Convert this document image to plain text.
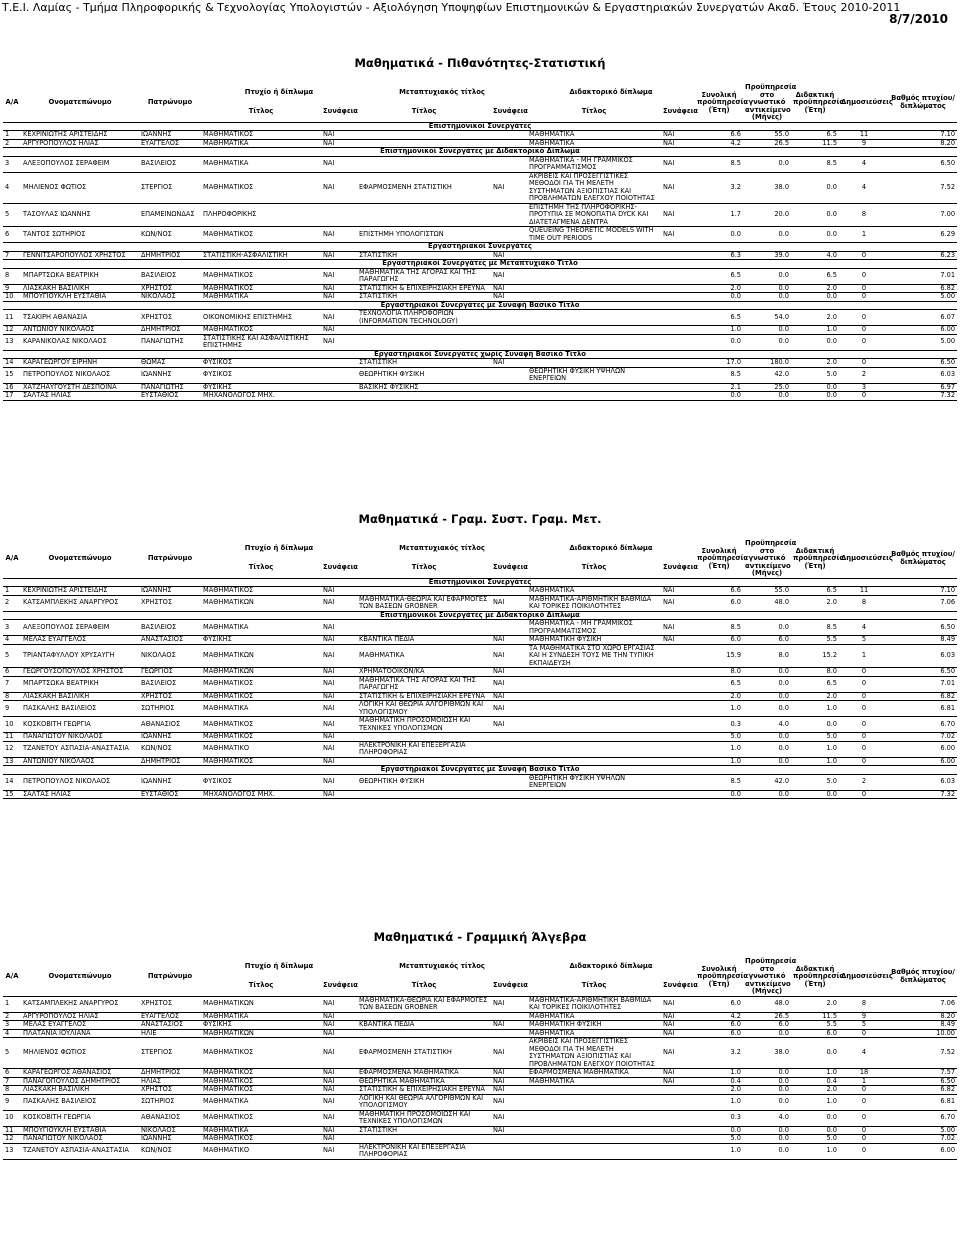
Τ.Ε.Ι. Λαμίας - Τμήμα Πληροφορικής & Τεχνολογίας Υπολογιστών - Αξιολόγηση Υποψηφίων Επιστημονικών & Εργαστηριακών Συνεργατών Ακαδ. Έτους 2010-2011
8/7/2010
Μαθηματικά - Πιθανότητες-Στατιστική
Α/Α	Ονοματεπώνυμο	Πατρώνυμο	Πτυχίο ή δίπλωμα		Μεταπτυχιακός τίτλος		Διδακτορικό δίπλωμα		Συνολική προϋπηρεσία (Έτη)	Προϋπηρεσία στο γνωστικό αντικείμενο (Μήνες)	Διδακτική προϋπηρεσία (Έτη)	Δημοσιεύσεις	Βαθμός πτυχίου/ διπλώματος
			Τίτλος	Συνάφεια	Τίτλος	Συνάφεια	Τίτλος	Συνάφεια					
Επιστημονικοί Συνεργάτες													
1	ΚΕΧΡΙΝΙΩΤΗΣ ΑΡΙΣΤΕΙΔΗΣ	ΙΩΑΝΝΗΣ	ΜΑΘΗΜΑΤΙΚΟΣ	ΝΑΙ			ΜΑΘΗΜΑΤΙΚΑ	ΝΑΙ	6.6	55.0	6.5	11	7.10
2	ΑΡΓΥΡΟΠΟΥΛΟΣ ΗΛΙΑΣ	ΕΥΑΓΓΕΛΟΣ	ΜΑΘΗΜΑΤΙΚΑ	ΝΑΙ			ΜΑΘΗΜΑΤΙΚΑ	ΝΑΙ	4.2	26.5	11.5	9	8.20
Επιστημονικοί Συνεργάτες με Διδακτορικό Δίπλωμα													
3	ΑΛΕΞΟΠΟΥΛΟΣ ΣΕΡΑΦΕΙΜ	ΒΑΣΙΛΕΙΟΣ	ΜΑΘΗΜΑΤΙΚΑ	ΝΑΙ			ΜΑΘΗΜΑΤΙΚΑ - ΜΗ ΓΡΑΜΜΙΚΟΣ ΠΡΟΓΡΑΜΜΑΤΙΣΜΟΣ	ΝΑΙ	8.5	0.0	8.5	4	6.50
4	ΜΗΛΙΕΝΟΣ ΦΩΤΙΟΣ	ΣΤΕΡΓΙΟΣ	ΜΑΘΗΜΑΤΙΚΟΣ	ΝΑΙ	ΕΦΑΡΜΟΣΜΕΝΗ ΣΤΑΤΙΣΤΙΚΗ	ΝΑΙ	ΑΚΡΙΒΕΙΣ ΚΑΙ ΠΡΟΣΕΓΓΙΣΤΙΚΕΣ ΜΕΘΟΔΟΙ ΓΙΑ ΤΗ ΜΕΛΕΤΗ ΣΥΣΤΗΜΑΤΩΝ ΑΞΙΟΠΙΣΤΙΑΣ ΚΑΙ ΠΡΟΒΛΗΜΑΤΩΝ ΕΛΕΓΧΟΥ ΠΟΙΟΤΗΤΑΣ	ΝΑΙ	3.2	38.0	0.0	4	7.52
5	ΤΑΣΟΥΛΑΣ ΙΩΑΝΝΗΣ	ΕΠΑΜΕΙΝΩΝΔΑΣ	ΠΛΗΡΟΦΟΡΙΚΗΣ				ΕΠΙΣΤΗΜΗ ΤΗΣ ΠΛΗΡΟΦΟΡΙΚΗΣ-ΠΡΟΤΥΠΙΑ ΣΕ ΜΟΝΟΠΑΤΙΑ DYCK ΚΑΙ ΔΙΑΤΕΤΑΓΜΕΝΑ ΔΕΝΤΡΑ	ΝΑΙ	1.7	20.0	0.0	8	7.00
6	ΤΑΝΤΟΣ ΣΩΤΗΡΙΟΣ	ΚΩΝ/ΝΟΣ	ΜΑΘΗΜΑΤΙΚΟΣ	ΝΑΙ	ΕΠΙΣΤΗΜΗ ΥΠΟΛΟΓΙΣΤΩΝ		QUEUEING THEORETIC MODELS WITH TIME OUT PERIODS	ΝΑΙ	0.0	0.0	0.0	1	6.29
Εργαστηριακοί Συνεργάτες													
7	ΓΕΝΝΙΤΣΑΡΟΠΟΥΛΟΣ ΧΡΗΣΤΟΣ	ΔΗΜΗΤΡΙΟΣ	ΣΤΑΤΙΣΤΙΚΗ-ΑΣΦΑΛΙΣΤΙΚΗ	ΝΑΙ	ΣΤΑΤΙΣΤΙΚΗ	ΝΑΙ			6.3	39.0	4.0	0	6.23
Εργαστηριακοί Συνεργάτες με Μεταπτυχιακό Τίτλο													
8	ΜΠΑΡΤΣΩΚΑ ΒΕΑΤΡΙΚΗ	ΒΑΣΙΛΕΙΟΣ	ΜΑΘΗΜΑΤΙΚΟΣ	ΝΑΙ	ΜΑΘΗΜΑΤΙΚΑ ΤΗΣ ΑΓΟΡΑΣ ΚΑΙ ΤΗΣ ΠΑΡΑΓΩΓΗΣ	ΝΑΙ			6.5	0.0	6.5	0	7.01
9	ΛΙΑΣΚΑΚΗ ΒΑΣΙΛΙΚΗ	ΧΡΗΣΤΟΣ	ΜΑΘΗΜΑΤΙΚΟΣ	ΝΑΙ	ΣΤΑΤΙΣΤΙΚΗ & ΕΠΙΧΕΙΡΗΣΙΑΚΗ ΕΡΕΥΝΑ	ΝΑΙ			2.0	0.0	2.0	0	6.82
10	ΜΠΟΥΓΙΟΥΚΛΗ ΕΥΣΤΑΘΙΑ	ΝΙΚΟΛΑΟΣ	ΜΑΘΗΜΑΤΙΚΑ	ΝΑΙ	ΣΤΑΤΙΣΤΙΚΗ	ΝΑΙ			0.0	0.0	0.0	0	5.00
Εργαστηριακοί Συνεργάτες με Συναφή Βασικό Τίτλο													
11	ΤΣΑΚΙΡΗ ΑΘΑΝΑΣΙΑ	ΧΡΗΣΤΟΣ	ΟΙΚΟΝΟΜΙΚΗΣ ΕΠΙΣΤΗΜΗΣ	ΝΑΙ	ΤΕΧΝΟΛΟΓΙΑ ΠΛΗΡΟΦΟΡΙΩΝ (INFORMATION TECHNOLOGY)				6.5	54.0	2.0	0	6.07
12	ΑΝΤΩΝΙΟΥ ΝΙΚΟΛΑΟΣ	ΔΗΜΗΤΡΙΟΣ	ΜΑΘΗΜΑΤΙΚΟΣ	ΝΑΙ					1.0	0.0	1.0	0	6.00
13	ΚΑΡΑΝΙΚΟΛΑΣ ΝΙΚΟΛΑΟΣ	ΠΑΝΑΓΙΩΤΗΣ	ΣΤΑΤΙΣΤΙΚΗΣ ΚΑΙ ΑΣΦΑΛΙΣΤΙΚΗΣ ΕΠΙΣΤΗΜΗΣ	ΝΑΙ					0.0	0.0	0.0	0	5.00
Εργαστηριακοί Συνεργάτες χωρίς Συναφή Βασικό Τίτλο													
14	ΚΑΡΑΓΕΩΡΓΟΥ ΕΙΡΗΝΗ	ΘΩΜΑΣ	ΦΥΣΙΚΟΣ		ΣΤΑΤΙΣΤΙΚΗ	ΝΑΙ			17.0	180.0	2.0	0	6.50
15	ΠΕΤΡΟΠΟΥΛΟΣ ΝΙΚΟΛΑΟΣ	ΙΩΑΝΝΗΣ	ΦΥΣΙΚΟΣ		ΘΕΩΡΗΤΙΚΗ ΦΥΣΙΚΗ		ΘΕΩΡΗΤΙΚΗ ΦΥΣΙΚΗ ΥΨΗΛΩΝ ΕΝΕΡΓΕΙΩΝ		8.5	42.0	5.0	2	6.03
16	ΧΑΤΖΗΑΥΓΟΥΣΤΗ ΔΕΣΠΟΙΝΑ	ΠΑΝΑΓΙΩΤΗΣ	ΦΥΣΙΚΗΣ		ΒΑΣΙΚΗΣ ΦΥΣΙΚΗΣ				2.1	25.0	0.0	3	6.97
17	ΣΑΛΤΑΣ ΗΛΙΑΣ	ΕΥΣΤΑΘΙΟΣ	ΜΗΧΑΝΟΛΟΓΟΣ ΜΗΧ.						0.0	0.0	0.0	0	7.32
Μαθηματικά - Γραμ. Συστ. Γραμ. Μετ.
Α/Α	Ονοματεπώνυμο	Πατρώνυμο	Πτυχίο ή δίπλωμα		Μεταπτυχιακός τίτλος		Διδακτορικό δίπλωμα		Συνολική προϋπηρεσία (Έτη)	Προϋπηρεσία στο γνωστικό αντικείμενο (Μήνες)	Διδακτική προϋπηρεσία (Έτη)	Δημοσιεύσεις	Βαθμός πτυχίου/ διπλώματος
			Τίτλος	Συνάφεια	Τίτλος	Συνάφεια	Τίτλος	Συνάφεια					
Επιστημονικοί Συνεργάτες													
1	ΚΕΧΡΙΝΙΩΤΗΣ ΑΡΙΣΤΕΙΔΗΣ	ΙΩΑΝΝΗΣ	ΜΑΘΗΜΑΤΙΚΟΣ	ΝΑΙ			ΜΑΘΗΜΑΤΙΚΑ	ΝΑΙ	6.6	55.0	6.5	11	7.10
2	ΚΑΤΣΑΜΠΛΕΚΗΣ ΑΝΑΡΓΥΡΟΣ	ΧΡΗΣΤΟΣ	ΜΑΘΗΜΑΤΙΚΩΝ	ΝΑΙ	ΜΑΘΗΜΑΤΙΚΑ-ΘΕΩΡΙΑ ΚΑΙ ΕΦΑΡΜΟΓΕΣ ΤΩΝ ΒΑΣΕΩΝ GROBNER	ΝΑΙ	ΜΑΘΗΜΑΤΙΚΑ-ΑΡΙΘΜΗΤΙΚΗ ΒΑΘΜΙΔΑ ΚΑΙ ΤΟΡΙΚΕΣ ΠΟΙΚΙΛΟΤΗΤΕΣ	ΝΑΙ	6.0	48.0	2.0	8	7.06
Επιστημονικοί Συνεργάτες με Διδακτορικό Δίπλωμα													
3	ΑΛΕΞΟΠΟΥΛΟΣ ΣΕΡΑΦΕΙΜ	ΒΑΣΙΛΕΙΟΣ	ΜΑΘΗΜΑΤΙΚΑ	ΝΑΙ			ΜΑΘΗΜΑΤΙΚΑ - ΜΗ ΓΡΑΜΜΙΚΟΣ ΠΡΟΓΡΑΜΜΑΤΙΣΜΟΣ	ΝΑΙ	8.5	0.0	8.5	4	6.50
4	ΜΕΛΑΣ ΕΥΑΓΓΕΛΟΣ	ΑΝΑΣΤΑΣΙΟΣ	ΦΥΣΙΚΗΣ	ΝΑΙ	ΚΒΑΝΤΙΚΑ ΠΕΔΙΑ	ΝΑΙ	ΜΑΘΗΜΑΤΙΚΗ ΦΥΣΙΚΗ	ΝΑΙ	6.0	6.0	5.5	5	8.49
5	ΤΡΙΑΝΤΑΦΥΛΛΟΥ ΧΡΥΣΑΥΓΗ	ΝΙΚΟΛΑΟΣ	ΜΑΘΗΜΑΤΙΚΩΝ	ΝΑΙ	ΜΑΘΗΜΑΤΙΚΑ	ΝΑΙ	ΤΑ ΜΑΘΗΜΑΤΙΚΑ ΣΤΟ ΧΩΡΟ ΕΡΓΑΣΙΑΣ ΚΑΙ Η ΣΥΝΔΕΣΗ ΤΟΥΣ ΜΕ ΤΗΝ ΤΥΠΙΚΗ ΕΚΠΑΙΔΕΥΣΗ		15.9	8.0	15.2	1	6.03
6	ΓΕΩΡΓΟΥΣΟΠΟΥΛΟΣ ΧΡΗΣΤΟΣ	ΓΕΩΡΓΙΟΣ	ΜΑΘΗΜΑΤΙΚΩΝ	ΝΑΙ	ΧΡΗΜΑΤΟΟΙΚΟΝ/ΚΑ	ΝΑΙ			8.0	0.0	8.0	0	6.50
7	ΜΠΑΡΤΣΩΚΑ ΒΕΑΤΡΙΚΗ	ΒΑΣΙΛΕΙΟΣ	ΜΑΘΗΜΑΤΙΚΟΣ	ΝΑΙ	ΜΑΘΗΜΑΤΙΚΑ ΤΗΣ ΑΓΟΡΑΣ ΚΑΙ ΤΗΣ ΠΑΡΑΓΩΓΗΣ	ΝΑΙ			6.5	0.0	6.5	0	7.01
8	ΛΙΑΣΚΑΚΗ ΒΑΣΙΛΙΚΗ	ΧΡΗΣΤΟΣ	ΜΑΘΗΜΑΤΙΚΟΣ	ΝΑΙ	ΣΤΑΤΙΣΤΙΚΗ & ΕΠΙΧΕΙΡΗΣΙΑΚΗ ΕΡΕΥΝΑ	ΝΑΙ			2.0	0.0	2.0	0	6.82
9	ΠΑΣΚΑΛΗΣ ΒΑΣΙΛΕΙΟΣ	ΣΩΤΗΡΙΟΣ	ΜΑΘΗΜΑΤΙΚΑ	ΝΑΙ	ΛΟΓΙΚΗ ΚΑΙ ΘΕΩΡΙΑ ΑΛΓΟΡΙΘΜΩΝ ΚΑΙ ΥΠΟΛΟΓΙΣΜΟΥ	ΝΑΙ			1.0	0.0	1.0	0	6.81
10	ΚΟΣΚΟΒΙΤΗ ΓΕΩΡΓΙΑ	ΑΘΑΝΑΣΙΟΣ	ΜΑΘΗΜΑΤΙΚΟΣ	ΝΑΙ	ΜΑΘΗΜΑΤΙΚΗ ΠΡΟΣΟΜΟΙΩΣΗ ΚΑΙ ΤΕΧΝΙΚΕΣ ΥΠΟΛΟΓΙΣΜΩΝ	ΝΑΙ			0.3	4.0	0.0	0	6.70
11	ΠΑΝΑΓΙΩΤΟΥ ΝΙΚΟΛΑΟΣ	ΙΩΑΝΝΗΣ	ΜΑΘΗΜΑΤΙΚΟΣ	ΝΑΙ					5.0	0.0	5.0	0	7.02
12	ΤΖΑΝΕΤΟΥ ΑΣΠΑΣΙΑ-ΑΝΑΣΤΑΣΙΑ	ΚΩΝ/ΝΟΣ	ΜΑΘΗΜΑΤΙΚΟ	ΝΑΙ	ΗΛΕΚΤΡΟΝΙΚΗ ΚΑΙ ΕΠΕΞΕΡΓΑΣΙΑ ΠΛΗΡΟΦΟΡΙΑΣ				1.0	0.0	1.0	0	6.00
13	ΑΝΤΩΝΙΟΥ ΝΙΚΟΛΑΟΣ	ΔΗΜΗΤΡΙΟΣ	ΜΑΘΗΜΑΤΙΚΟΣ	ΝΑΙ					1.0	0.0	1.0	0	6.00
Εργαστηριακοί Συνεργάτες με Συναφή Βασικό Τίτλο													
14	ΠΕΤΡΟΠΟΥΛΟΣ ΝΙΚΟΛΑΟΣ	ΙΩΑΝΝΗΣ	ΦΥΣΙΚΟΣ	ΝΑΙ	ΘΕΩΡΗΤΙΚΗ ΦΥΣΙΚΗ		ΘΕΩΡΗΤΙΚΗ ΦΥΣΙΚΗ ΥΨΗΛΩΝ ΕΝΕΡΓΕΙΩΝ		8.5	42.0	5.0	2	6.03
15	ΣΑΛΤΑΣ ΗΛΙΑΣ	ΕΥΣΤΑΘΙΟΣ	ΜΗΧΑΝΟΛΟΓΟΣ ΜΗΧ.	ΝΑΙ					0.0	0.0	0.0	0	7.32
Μαθηματικά - Γραμμική Άλγεβρα
Α/Α	Ονοματεπώνυμο	Πατρώνυμο	Πτυχίο ή δίπλωμα		Μεταπτυχιακός τίτλος		Διδακτορικό δίπλωμα		Συνολική προϋπηρεσία (Έτη)	Προϋπηρεσία στο γνωστικό αντικείμενο (Μήνες)	Διδακτική προϋπηρεσία (Έτη)	Δημοσιεύσεις	Βαθμός πτυχίου/ διπλώματος
			Τίτλος	Συνάφεια	Τίτλος	Συνάφεια	Τίτλος	Συνάφεια					
1	ΚΑΤΣΑΜΠΛΕΚΗΣ ΑΝΑΡΓΥΡΟΣ	ΧΡΗΣΤΟΣ	ΜΑΘΗΜΑΤΙΚΩΝ	ΝΑΙ	ΜΑΘΗΜΑΤΙΚΑ-ΘΕΩΡΙΑ ΚΑΙ ΕΦΑΡΜΟΓΕΣ ΤΩΝ ΒΑΣΕΩΝ GROBNER	ΝΑΙ	ΜΑΘΗΜΑΤΙΚΑ-ΑΡΙΘΜΗΤΙΚΗ ΒΑΘΜΙΔΑ ΚΑΙ ΤΟΡΙΚΕΣ ΠΟΙΚΙΛΟΤΗΤΕΣ	ΝΑΙ	6.0	48.0	2.0	8	7.06
2	ΑΡΓΥΡΟΠΟΥΛΟΣ ΗΛΙΑΣ	ΕΥΑΓΓΕΛΟΣ	ΜΑΘΗΜΑΤΙΚΑ	ΝΑΙ			ΜΑΘΗΜΑΤΙΚΑ	ΝΑΙ	4.2	26.5	11.5	9	8.20
3	ΜΕΛΑΣ ΕΥΑΓΓΕΛΟΣ	ΑΝΑΣΤΑΣΙΟΣ	ΦΥΣΙΚΗΣ	ΝΑΙ	ΚΒΑΝΤΙΚΑ ΠΕΔΙΑ	ΝΑΙ	ΜΑΘΗΜΑΤΙΚΗ ΦΥΣΙΚΗ	ΝΑΙ	6.0	6.0	5.5	5	8.49
4	ΠΛΑΤΑΝΙΑ ΙΟΥΛΙΑΝΑ	ΗΛΙΕ	ΜΑΘΗΜΑΤΙΚΩΝ	ΝΑΙ			ΜΑΘΗΜΑΤΙΚΑ	ΝΑΙ	6.0	0.0	6.0	0	10.00
5	ΜΗΛΙΕΝΟΣ ΦΩΤΙΟΣ	ΣΤΕΡΓΙΟΣ	ΜΑΘΗΜΑΤΙΚΟΣ	ΝΑΙ	ΕΦΑΡΜΟΣΜΕΝΗ ΣΤΑΤΙΣΤΙΚΗ	ΝΑΙ	ΑΚΡΙΒΕΙΣ ΚΑΙ ΠΡΟΣΕΓΓΙΣΤΙΚΕΣ ΜΕΘΟΔΟΙ ΓΙΑ ΤΗ ΜΕΛΕΤΗ ΣΥΣΤΗΜΑΤΩΝ ΑΞΙΟΠΙΣΤΙΑΣ ΚΑΙ ΠΡΟΒΛΗΜΑΤΩΝ ΕΛΕΓΧΟΥ ΠΟΙΟΤΗΤΑΣ	ΝΑΙ	3.2	38.0	0.0	4	7.52
6	ΚΑΡΑΓΕΩΡΓΟΣ ΑΘΑΝΑΣΙΟΣ	ΔΗΜΗΤΡΙΟΣ	ΜΑΘΗΜΑΤΙΚΟΣ	ΝΑΙ	ΕΦΑΡΜΟΣΜΕΝΑ ΜΑΘΗΜΑΤΙΚΑ	ΝΑΙ	ΕΦΑΡΜΟΣΜΕΝΑ ΜΑΘΗΜΑΤΙΚΑ	ΝΑΙ	1.0	0.0	1.0	18	7.57
7	ΠΑΝΑΓΟΠΟΥΛΟΣ ΔΗΜΗΤΡΙΟΣ	ΗΛΙΑΣ	ΜΑΘΗΜΑΤΙΚΟΣ	ΝΑΙ	ΘΕΩΡΗΤΙΚΑ ΜΑΘΗΜΑΤΙΚΑ	ΝΑΙ	ΜΑΘΗΜΑΤΙΚΑ	ΝΑΙ	0.4	0.0	0.4	1	6.50
8	ΛΙΑΣΚΑΚΗ ΒΑΣΙΛΙΚΗ	ΧΡΗΣΤΟΣ	ΜΑΘΗΜΑΤΙΚΟΣ	ΝΑΙ	ΣΤΑΤΙΣΤΙΚΗ & ΕΠΙΧΕΙΡΗΣΙΑΚΗ ΕΡΕΥΝΑ	ΝΑΙ			2.0	0.0	2.0	0	6.82
9	ΠΑΣΚΑΛΗΣ ΒΑΣΙΛΕΙΟΣ	ΣΩΤΗΡΙΟΣ	ΜΑΘΗΜΑΤΙΚΑ	ΝΑΙ	ΛΟΓΙΚΗ ΚΑΙ ΘΕΩΡΙΑ ΑΛΓΟΡΙΘΜΩΝ ΚΑΙ ΥΠΟΛΟΓΙΣΜΟΥ	ΝΑΙ			1.0	0.0	1.0	0	6.81
10	ΚΟΣΚΟΒΙΤΗ ΓΕΩΡΓΙΑ	ΑΘΑΝΑΣΙΟΣ	ΜΑΘΗΜΑΤΙΚΟΣ	ΝΑΙ	ΜΑΘΗΜΑΤΙΚΗ ΠΡΟΣΟΜΟΙΩΣΗ ΚΑΙ ΤΕΧΝΙΚΕΣ ΥΠΟΛΟΓΙΣΜΩΝ	ΝΑΙ			0.3	4.0	0.0	0	6.70
11	ΜΠΟΥΓΙΟΥΚΛΗ ΕΥΣΤΑΘΙΑ	ΝΙΚΟΛΑΟΣ	ΜΑΘΗΜΑΤΙΚΑ	ΝΑΙ	ΣΤΑΤΙΣΤΙΚΗ	ΝΑΙ			0.0	0.0	0.0	0	5.00
12	ΠΑΝΑΓΙΩΤΟΥ ΝΙΚΟΛΑΟΣ	ΙΩΑΝΝΗΣ	ΜΑΘΗΜΑΤΙΚΟΣ	ΝΑΙ					5.0	0.0	5.0	0	7.02
13	ΤΖΑΝΕΤΟΥ ΑΣΠΑΣΙΑ-ΑΝΑΣΤΑΣΙΑ	ΚΩΝ/ΝΟΣ	ΜΑΘΗΜΑΤΙΚΟ	ΝΑΙ	ΗΛΕΚΤΡΟΝΙΚΗ ΚΑΙ ΕΠΕΞΕΡΓΑΣΙΑ ΠΛΗΡΟΦΟΡΙΑΣ				1.0	0.0	1.0	0	6.00
